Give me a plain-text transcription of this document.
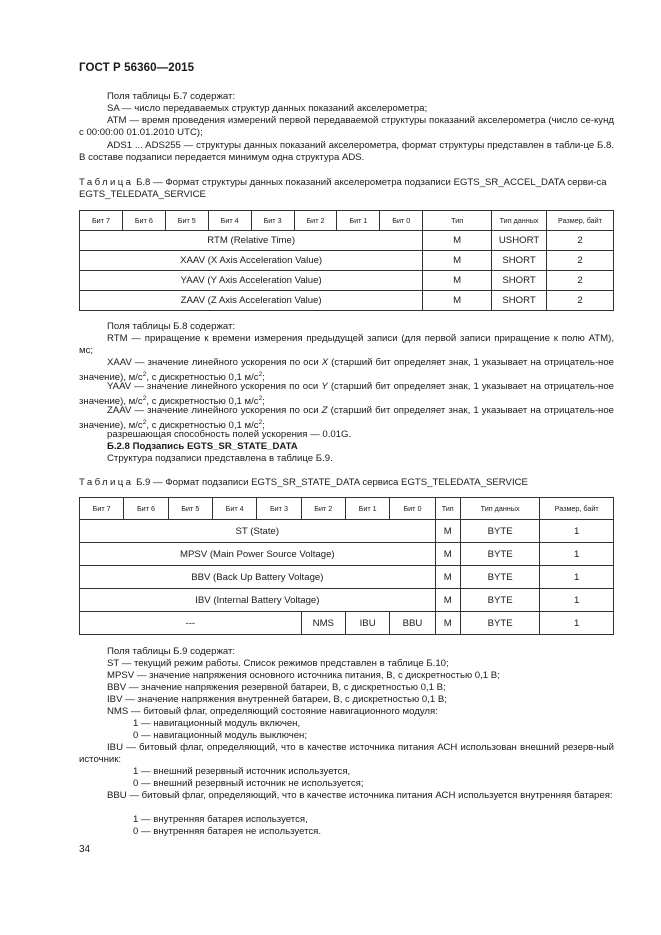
ГОСТ Р 56360—2015
Поля таблицы Б.7 содержат:
SA — число передаваемых структур данных показаний акселерометра;
ATM — время проведения измерений первой передаваемой структуры показаний акселерометра (число се-кунд с 00:00:00 01.01.2010 UTC);
ADS1 ... ADS255 — структуры данных показаний акселерометра, формат структуры представлен в табли-це Б.8. В составе подзаписи передается минимум одна структура ADS.
Таблица Б.8 — Формат структуры данных показаний акселерометра подзаписи EGTS_SR_ACCEL_DATA серви-са EGTS_TELEDATA_SERVICE
Бит 7	Бит 6	Бит 5	Бит 4	Бит 3	Бит 2	Бит 1	Бит 0	Тип	Тип данных	Размер, байт
RTM (Relative Time)								M	USHORT	2
XAAV (X Axis Acceleration Value)								M	SHORT	2
YAAV (Y Axis Acceleration Value)								M	SHORT	2
ZAAV (Z Axis Acceleration Value)								M	SHORT	2
Поля таблицы Б.8 содержат:
RTM — приращение к времени измерения предыдущей записи (для первой записи приращение к полю ATM), мс;
XAAV — значение линейного ускорения по оси X (старший бит определяет знак, 1 указывает на отрицатель-ное значение), $м/с^2$, с дискретностью 0,1 $м/с^2$;
YAAV — значение линейного ускорения по оси Y (старший бит определяет знак, 1 указывает на отрицатель-ное значение), $м/с^2$, с дискретностью 0,1 $м/с^2$;
ZAAV — значение линейного ускорения по оси Z (старший бит определяет знак, 1 указывает на отрицатель-ное значение), $м/с^2$, с дискретностью 0,1 $м/с^2$;
разрешающая способность полей ускорения — 0.01G.
Б.2.8 Подзапись EGTS_SR_STATE_DATA
Структура подзаписи представлена в таблице Б.9.
Таблица Б.9 — Формат подзаписи EGTS_SR_STATE_DATA сервиса EGTS_TELEDATA_SERVICE
Бит 7	Бит 6	Бит 5	Бит 4	Бит 3	Бит 2	Бит 1	Бит 0	Тип	Тип данных	Размер, байт
ST (State)								M	BYTE	1
MPSV (Main Power Source Voltage)								M	BYTE	1
BBV (Back Up Battery Voltage)								M	BYTE	1
IBV (Internal Battery Voltage)								M	BYTE	1
---					NMS	IBU	BBU	M	BYTE	1
Поля таблицы Б.9 содержат:
ST — текущий режим работы. Список режимов представлен в таблице Б.10;
MPSV — значение напряжения основного источника питания, В, с дискретностью 0,1 В;
BBV — значение напряжения резервной батареи, В, с дискретностью 0,1 В;
IBV — значение напряжения внутренней батареи, В, с дискретностью 0,1 В;
NMS — битовый флаг, определяющий состояние навигационного модуля:
1 — навигационный модуль включен,
0 — навигационный модуль выключен;
IBU — битовый флаг, определяющий, что в качестве источника питания АСН использован внешний резерв-ный источник:
1 — внешний резервный источник используется,
0 — внешний резервный источник не используется;
BBU — битовый флаг, определяющий, что в качестве источника питания АСН используется внутренняя батарея:
1 — внутренняя батарея используется,
0 — внутренняя батарея не используется.
34
